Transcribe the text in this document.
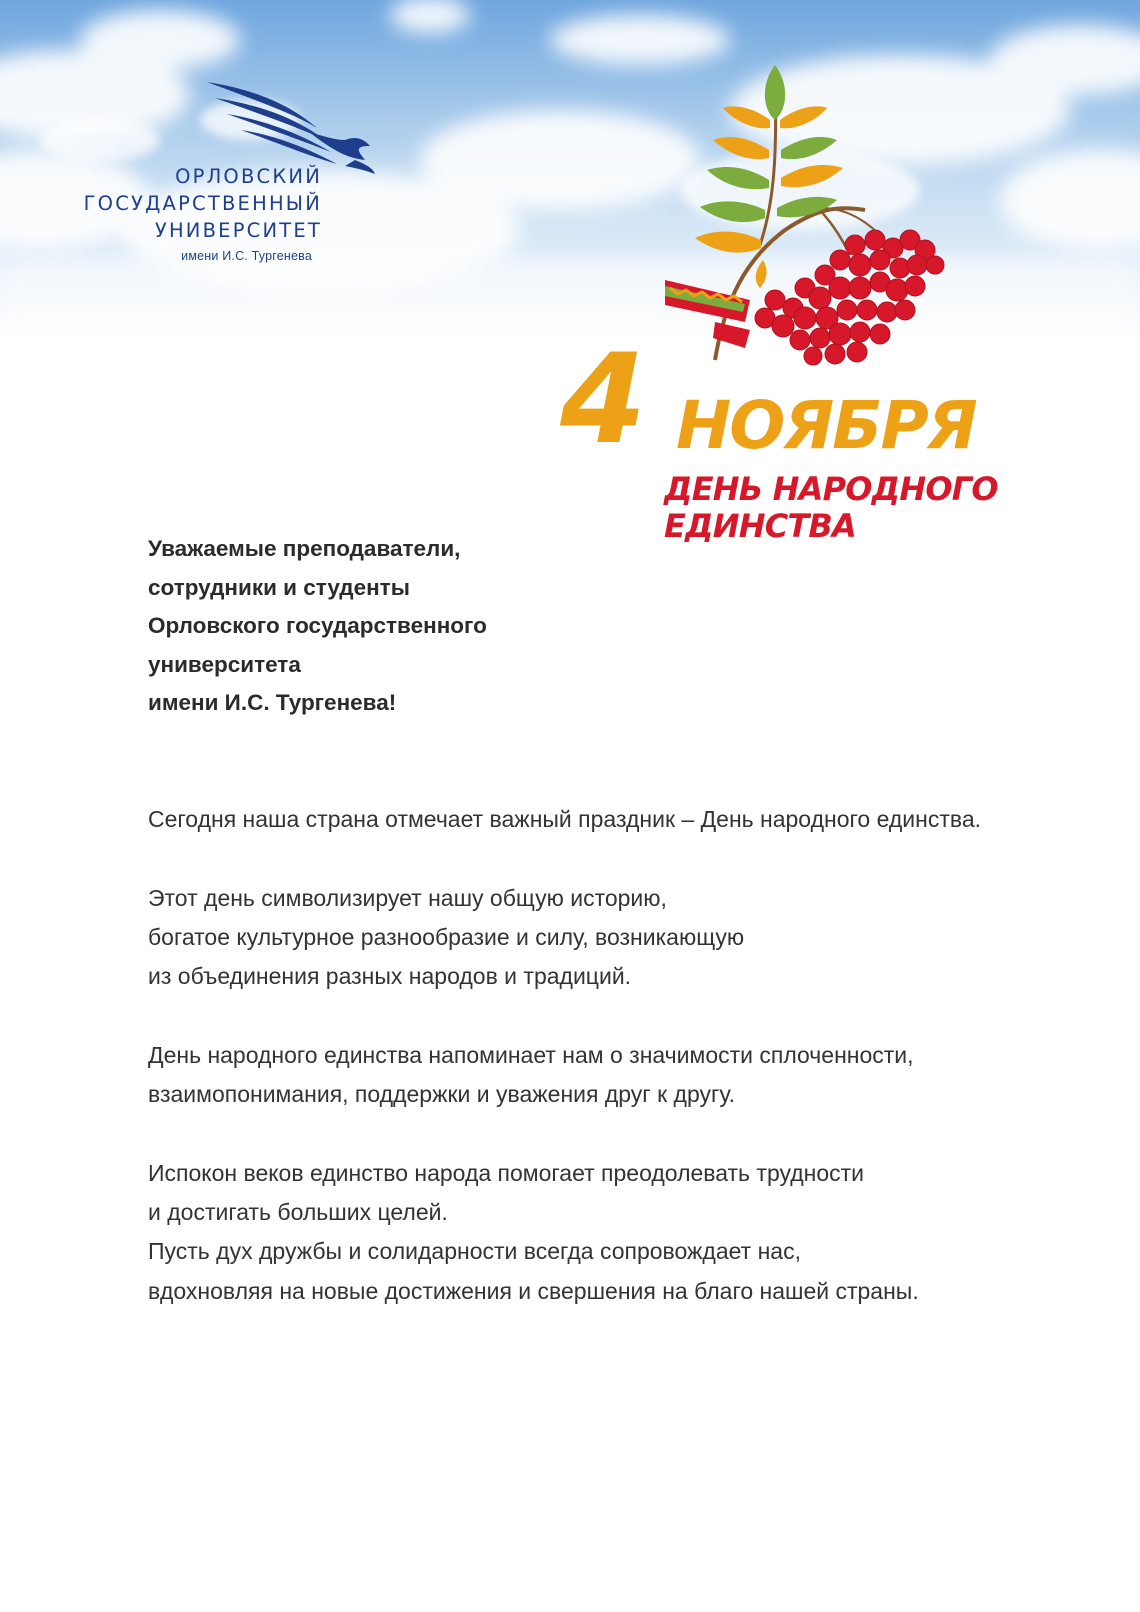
ОРЛОВСКИЙ
ГОСУДАРСТВЕННЫЙ
УНИВЕРСИТЕТ
имени И.С. Тургенева
4 НОЯБРЯ
ДЕНЬ НАРОДНОГО
ЕДИНСТВА
Уважаемые преподаватели,
сотрудники и студенты
Орловского государственного
университета
имени И.С. Тургенева!

Сегодня наша страна отмечает важный праздник – День народного единства.

Этот день символизирует нашу общую историю,
богатое культурное разнообразие и силу, возникающую
из объединения разных народов и традиций.

День народного единства напоминает нам о значимости сплоченности,
взаимопонимания, поддержки и уважения друг к другу.

Испокон веков единство народа помогает преодолевать трудности
и достигать больших целей.
Пусть дух дружбы и солидарности всегда сопровождает нас,
вдохновляя на новые достижения и свершения на благо нашей страны.
